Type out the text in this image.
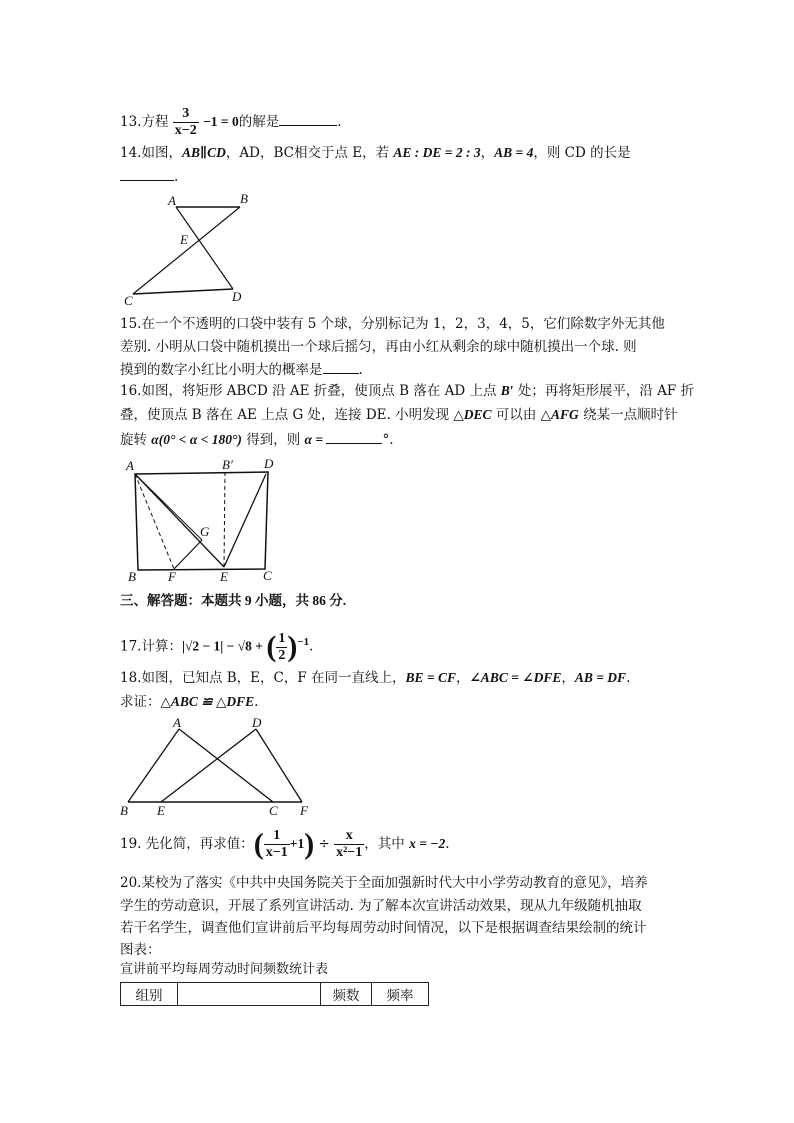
13.方程 $\frac{3}{x-2} -1 = 0$的解是	.
14.如图，AB∥CD，AD，BC相交于点 E，若 AE : DE = 2 : 3，AB = 4，则 CD 的长是
.
A	B
E
C	D
15.在一个不透明的口袋中装有 5 个球，分别标记为 1，2，3，4，5，它们除数字外无其他
差别. 小明从口袋中随机摸出一个球后摇匀，再由小红从剩余的球中随机摸出一个球. 则
摸到的数字小红比小明大的概率是	.
16.如图，将矩形 ABCD 沿 AE 折叠，使顶点 B 落在 AD 上点 B′ 处；再将矩形展平，沿 AF 折
叠，使顶点 B 落在 AE 上点 G 处，连接 DE. 小明发现 △DEC 可以由 △AFG 绕某一点顺时针
旋转 α(0° < α < 180°) 得到，则 α =	°.
A	B′ D
G
B F	E	C
三、解答题：本题共 9 小题，共 86 分.
17.计算：|√2 − 1| − √8 + ( $\frac{1}{2} )^{-1}$.
18.如图，已知点 B，E，C，F 在同一直线上，BE = CF，∠ABC = ∠DFE，AB = DF.
求证：△ABC ≌ △DFE.
A	D
B E	C F
19. 先化简，再求值：( $\frac{1}{x-1} +1) \div \frac{x}{\text{x²−1}}$ ，其中 x = −2.
20.某校为了落实《中共中央国务院关于全面加强新时代大中小学劳动教育的意见》，培养
学生的劳动意识，开展了系列宣讲活动. 为了解本次宣讲活动效果，现从九年级随机抽取
若干名学生，调查他们宣讲前后平均每周劳动时间情况，以下是根据调查结果绘制的统计
图表：
宣讲前平均每周劳动时间频数统计表
组别		频数	频率
